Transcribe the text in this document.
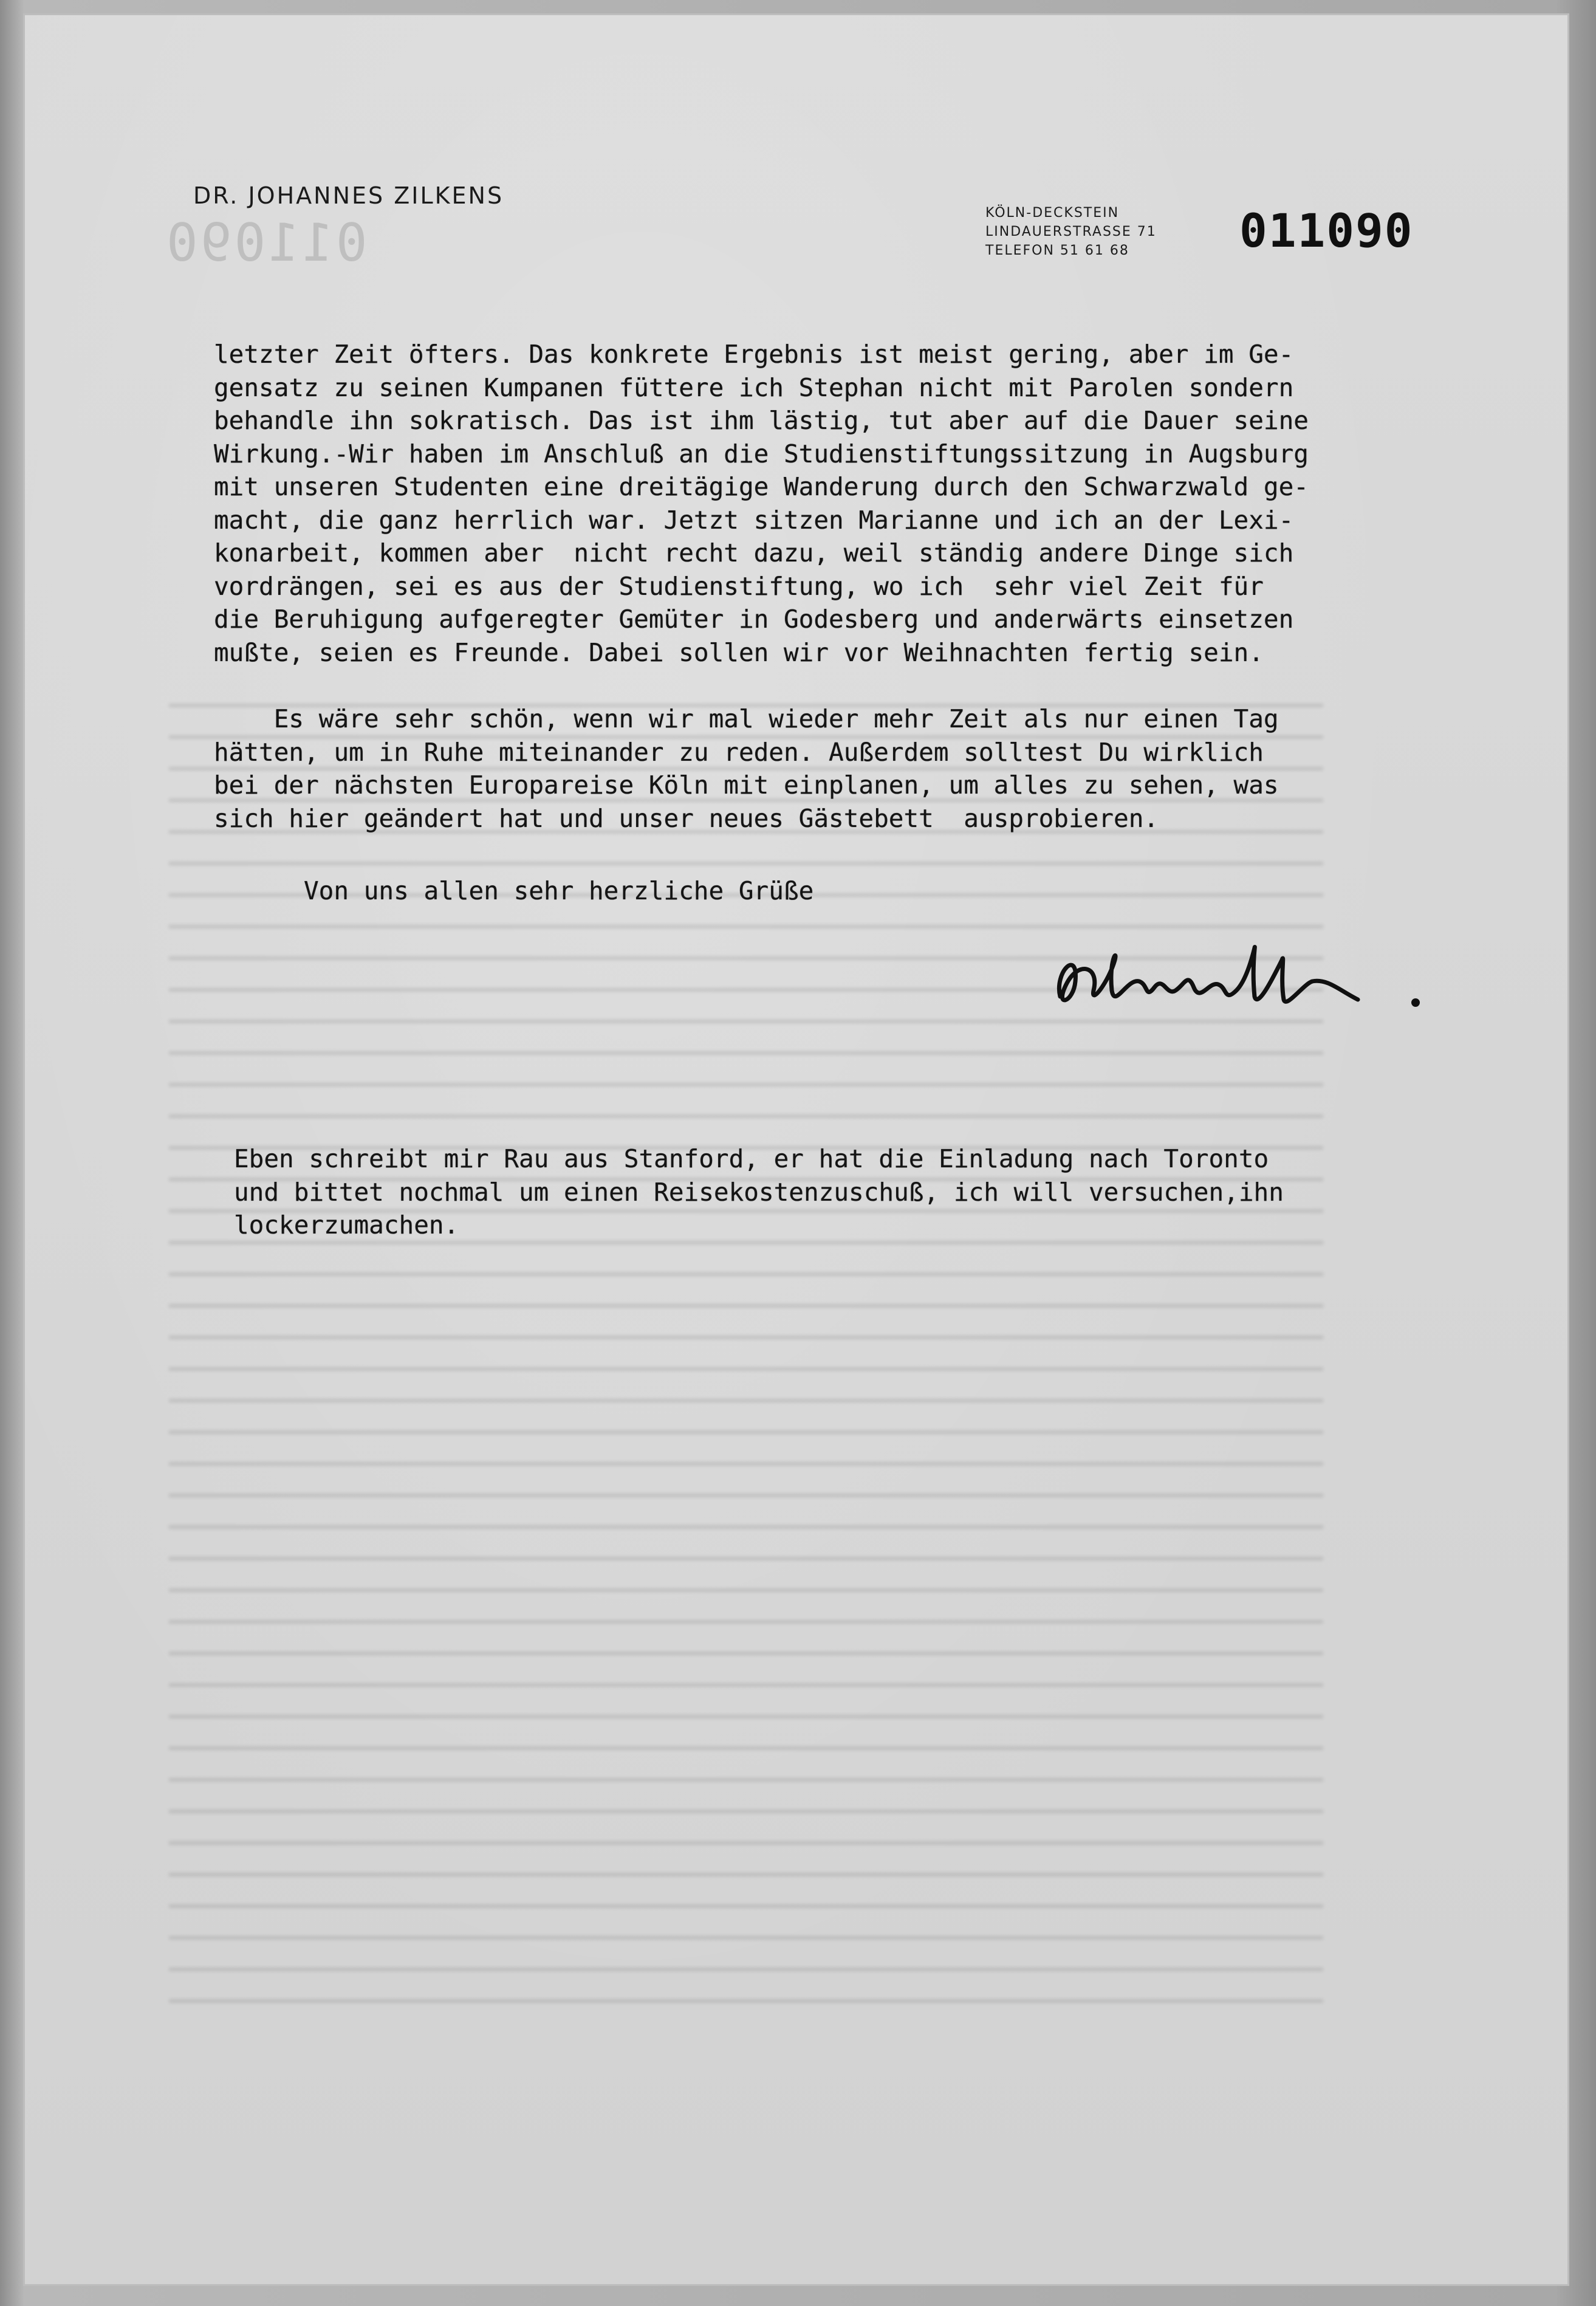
011090
DR. JOHANNES ZILKENS
KÖLN-DECKSTEIN
LINDAUERSTRASSE 71
TELEFON 51 61 68	011090
letzter Zeit öfters. Das konkrete Ergebnis ist meist gering, aber im Ge-
gensatz zu seinen Kumpanen füttere ich Stephan nicht mit Parolen sondern
behandle ihn sokratisch. Das ist ihm lästig, tut aber auf die Dauer seine
Wirkung.-Wir haben im Anschluß an die Studienstiftungssitzung in Augsburg
mit unseren Studenten eine dreitägige Wanderung durch den Schwarzwald ge-
macht, die ganz herrlich war. Jetzt sitzen Marianne und ich an der Lexi-
konarbeit, kommen aber  nicht recht dazu, weil ständig andere Dinge sich
vordrängen, sei es aus der Studienstiftung, wo ich  sehr viel Zeit für
die Beruhigung aufgeregter Gemüter in Godesberg und anderwärts einsetzen
mußte, seien es Freunde. Dabei sollen wir vor Weihnachten fertig sein.
Es wäre sehr schön, wenn wir mal wieder mehr Zeit als nur einen Tag
hätten, um in Ruhe miteinander zu reden. Außerdem solltest Du wirklich
bei der nächsten Europareise Köln mit einplanen, um alles zu sehen, was
sich hier geändert hat und unser neues Gästebett  ausprobieren.
Von uns allen sehr herzliche Grüße
Eben schreibt mir Rau aus Stanford, er hat die Einladung nach Toronto
und bittet nochmal um einen Reisekostenzuschuß, ich will versuchen,ihn
lockerzumachen.
